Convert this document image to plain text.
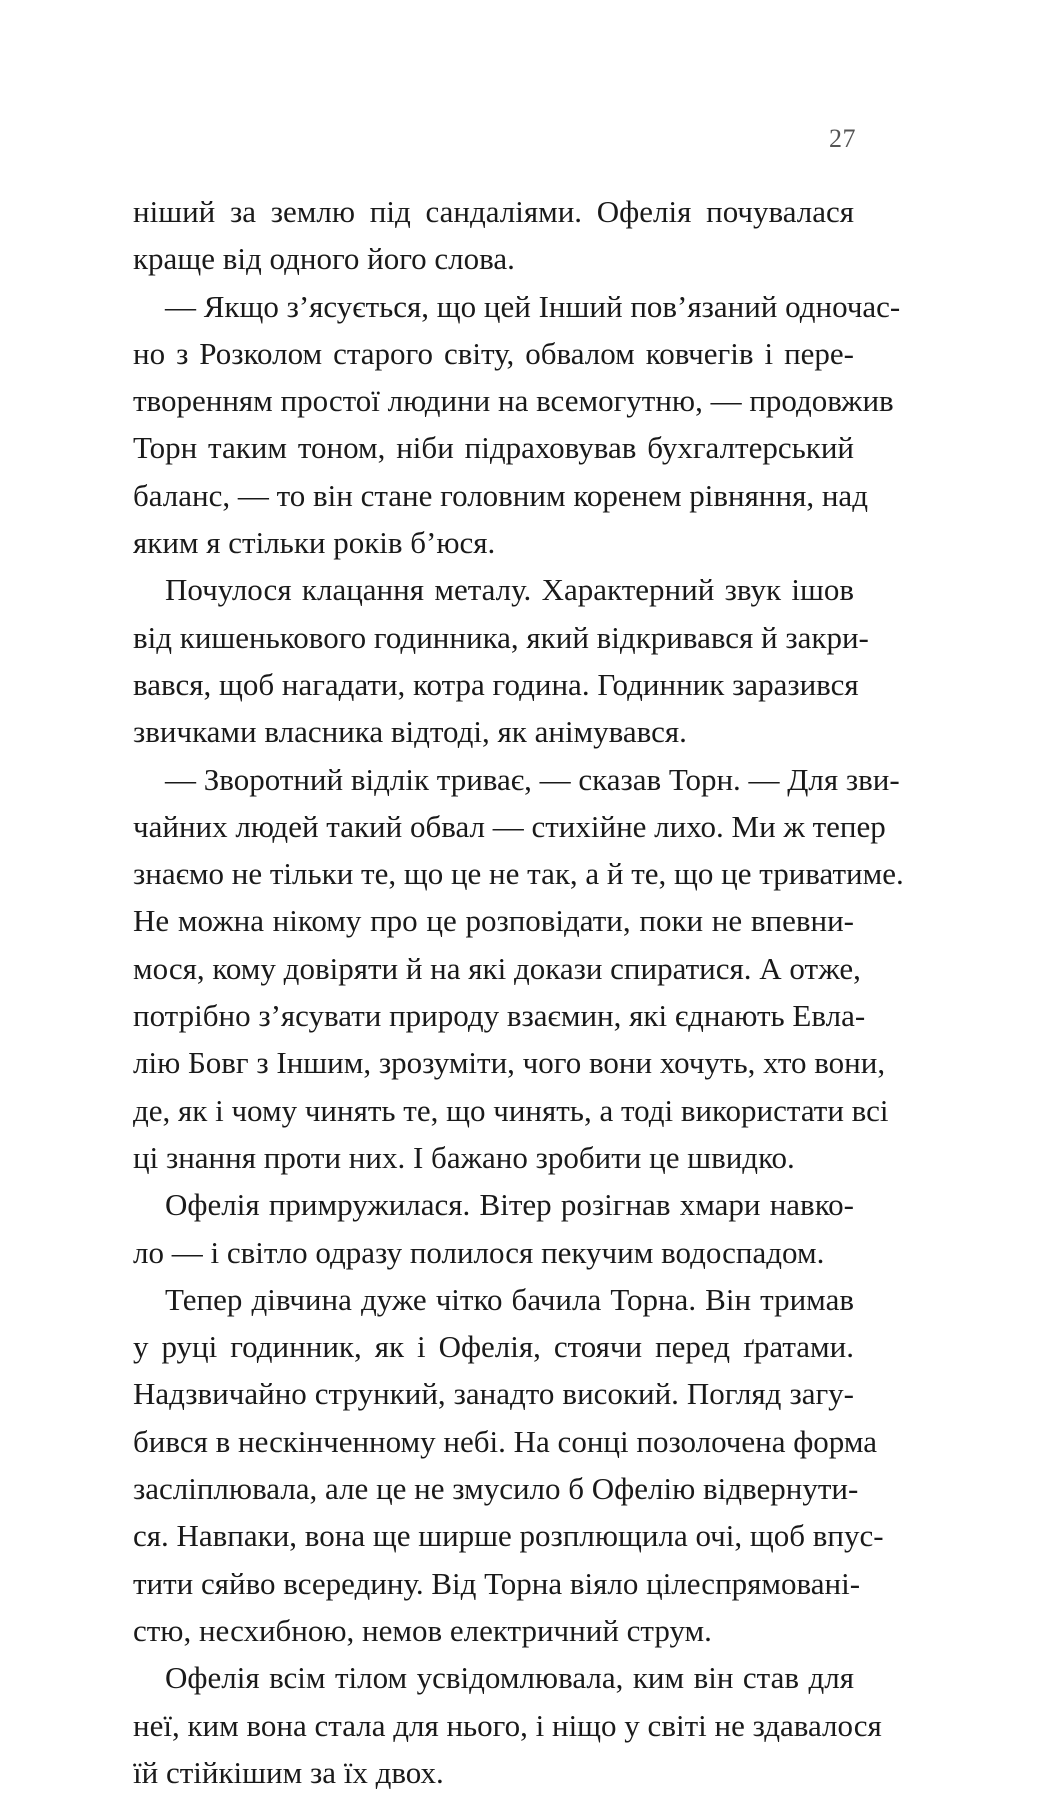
27
ніший за землю під сандаліями. Офелія почувалася
краще від одного його слова.
— Якщо з’ясується, що цей Інший пов’язаний одночас-
но з Розколом старого світу, обвалом ковчегів і пере-
творенням простої людини на всемогутню, — продовжив
Торн таким тоном, ніби підраховував бухгалтерський
баланс, — то він стане головним коренем рівняння, над
яким я стільки років б’юся.
Почулося клацання металу. Характерний звук ішов
від кишенькового годинника, який відкривався й закри-
вався, щоб нагадати, котра година. Годинник заразився
звичками власника відтоді, як анімувався.
— Зворотний відлік триває, — сказав Торн. — Для зви-
чайних людей такий обвал — стихійне лихо. Ми ж тепер
знаємо не тільки те, що це не так, а й те, що це триватиме.
Не можна нікому про це розповідати, поки не впевни-
мося, кому довіряти й на які докази спиратися. А отже,
потрібно з’ясувати природу взаємин, які єднають Евла-
лію Бовг з Іншим, зрозуміти, чого вони хочуть, хто вони,
де, як і чому чинять те, що чинять, а тоді використати всі
ці знання проти них. І бажано зробити це швидко.
Офелія примружилася. Вітер розігнав хмари навко-
ло — і світло одразу полилося пекучим водоспадом.
Тепер дівчина дуже чітко бачила Торна. Він тримав
у руці годинник, як і Офелія, стоячи перед ґратами.
Надзвичайно стрункий, занадто високий. Погляд загу-
бився в нескінченному небі. На сонці позолочена форма
засліплювала, але це не змусило б Офелію відвернути-
ся. Навпаки, вона ще ширше розплющила очі, щоб впус-
тити сяйво всередину. Від Торна віяло цілеспрямовані-
стю, несхибною, немов електричний струм.
Офелія всім тілом усвідомлювала, ким він став для
неї, ким вона стала для нього, і ніщо у світі не здавалося
їй стійкішим за їх двох.
